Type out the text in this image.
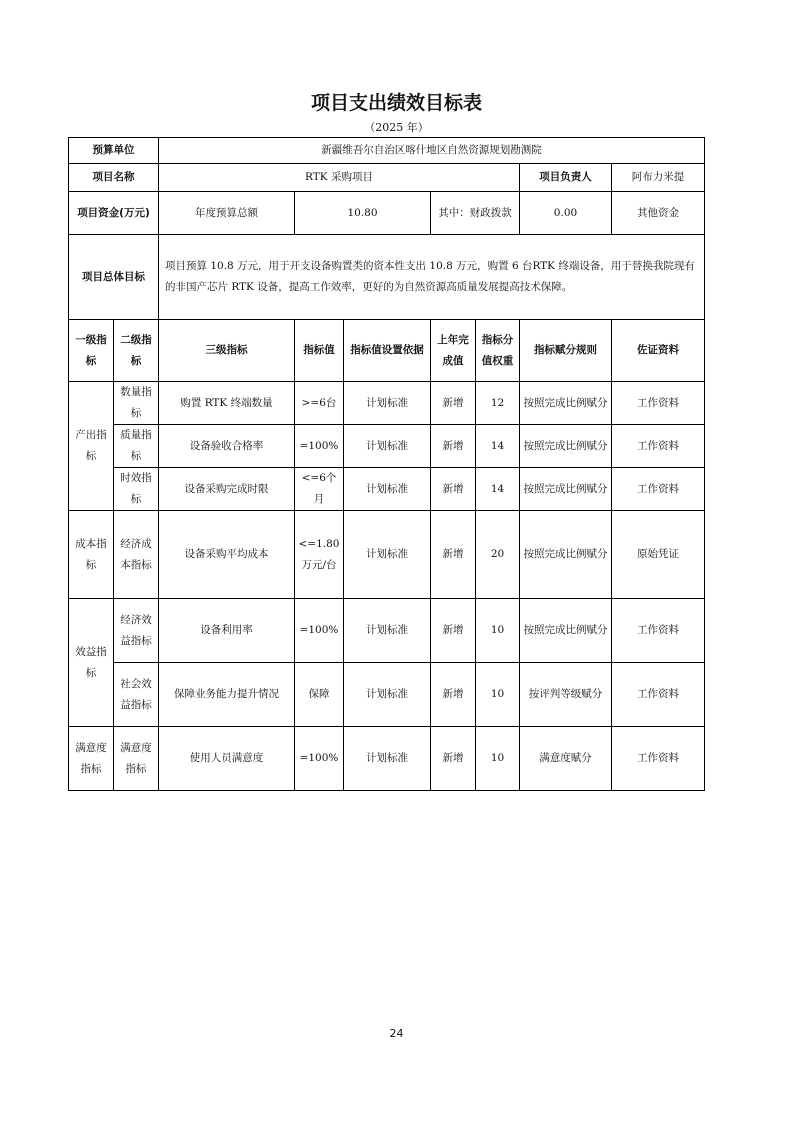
项目支出绩效目标表
（2025 年）
预算单位		新疆维吾尔自治区喀什地区自然资源规划勘测院							
项目名称		RTK 采购项目					项目负责人	阿布力米提	
项目资金(万元)		年度预算总额	10.80		其中：财政拨款		0.00	其他资金	
项目总体目标		项目预算 10.8 万元，用于开支设备购置类的资本性支出 10.8 万元，购置 6 台RTK 终端设备，用于替换我院现有的非国产芯片 RTK 设备，提高工作效率，更好的为自然资源高质量发展提高技术保障。							
一级指标	二级指标	三级指标	指标值	指标值设置依据	上年完成值	指标分值权重	指标赋分规则	佐证资料	
产出指标	数量指标	购置 RTK 终端数量	>=6台	计划标准	新增	12	按照完成比例赋分	工作资料	
	质量指标	设备验收合格率	=100%	计划标准	新增	14	按照完成比例赋分	工作资料	
	时效指标	设备采购完成时限	<=6个月	计划标准	新增	14	按照完成比例赋分	工作资料	
成本指标	经济成本指标	设备采购平均成本	<=1.80万元/台	计划标准	新增	20	按照完成比例赋分	原始凭证	
效益指标	经济效益指标	设备利用率	=100%	计划标准	新增	10	按照完成比例赋分	工作资料	
	社会效益指标	保障业务能力提升情况	保障	计划标准	新增	10	按评判等级赋分	工作资料	
满意度指标	满意度指标	使用人员满意度	=100%	计划标准	新增	10	满意度赋分	工作资料	
24
